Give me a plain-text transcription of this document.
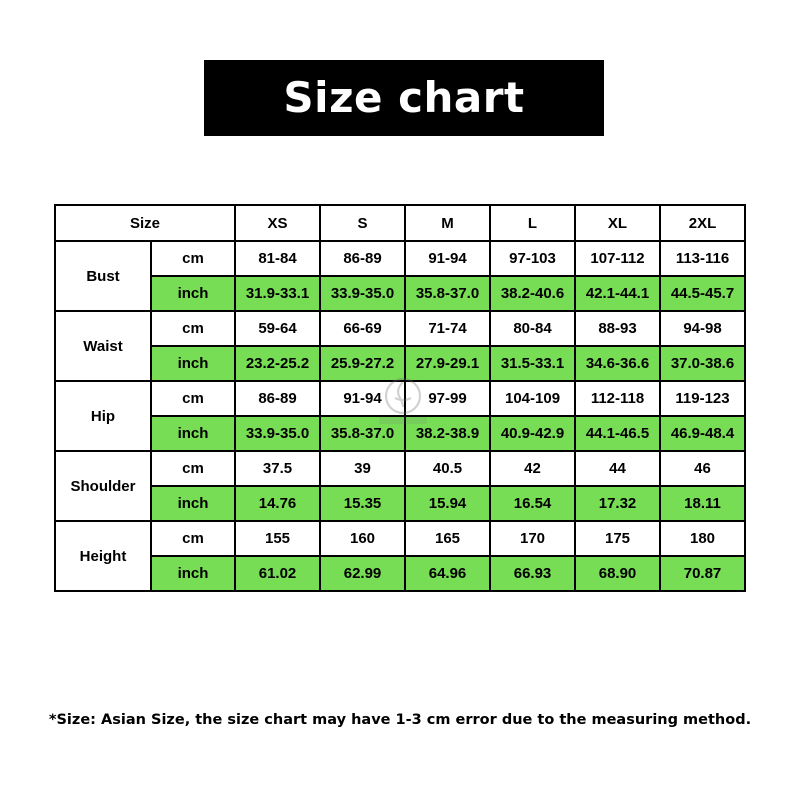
Size chart
Size		XS	S	M	L	XL	2XL
Bust	cm	81-84	86-89	91-94	97-103	107-112	113-116
	inch	31.9-33.1	33.9-35.0	35.8-37.0	38.2-40.6	42.1-44.1	44.5-45.7
Waist	cm	59-64	66-69	71-74	80-84	88-93	94-98
	inch	23.2-25.2	25.9-27.2	27.9-29.1	31.5-33.1	34.6-36.6	37.0-38.6
Hip	cm	86-89	91-94	97-99	104-109	112-118	119-123
	inch	33.9-35.0	35.8-37.0	38.2-38.9	40.9-42.9	44.1-46.5	46.9-48.4
Shoulder	cm	37.5	39	40.5	42	44	46
	inch	14.76	15.35	15.94	16.54	17.32	18.11
Height	cm	155	160	165	170	175	180
	inch	61.02	62.99	64.96	66.93	68.90	70.87
*Size: Asian Size, the size chart may have 1-3 cm error due to the measuring method.
